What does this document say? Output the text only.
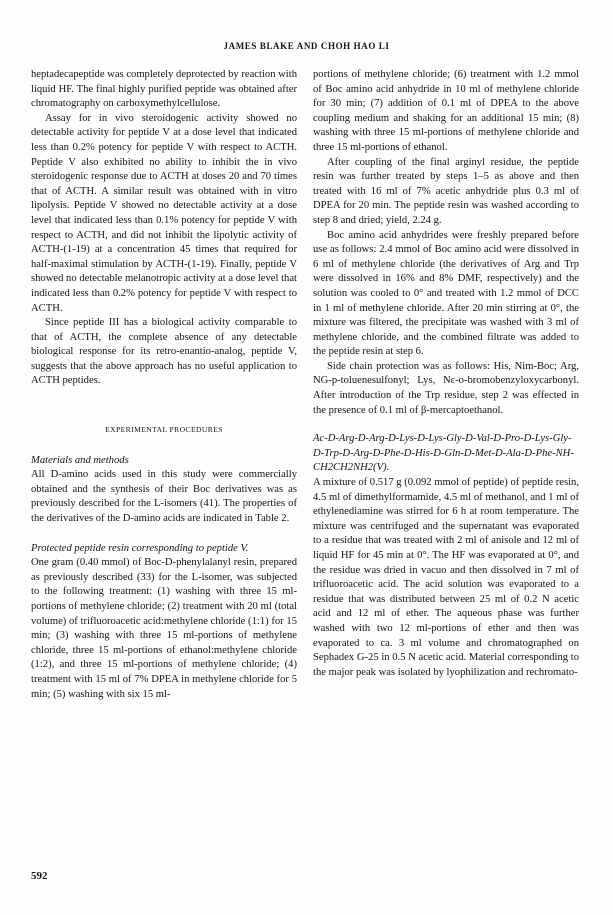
JAMES BLAKE AND CHOH HAO LI

heptadecapeptide was completely deprotected by reaction with liquid HF. The final highly purified peptide was obtained after chromatography on carboxymethylcellulose.

Assay for in vivo steroidogenic activity showed no detectable activity for peptide V at a dose level that indicated less than 0.2% potency for peptide V with respect to ACTH. Peptide V also exhibited no ability to inhibit the in vivo steroidogenic response due to ACTH at doses 20 and 70 times that of ACTH. A similar result was obtained with in vitro lipolysis. Peptide V showed no detectable activity at a dose level that indicated less than 0.1% potency for peptide V with respect to ACTH, and did not inhibit the lipolytic activity of ACTH-(1-19) at a concentration 45 times that required for half-maximal stimulation by ACTH-(1-19). Finally, peptide V showed no detectable melanotropic activity at a dose level that indicated less than 0.2% potency for peptide V with respect to ACTH.

Since peptide III has a biological activity comparable to that of ACTH, the complete absence of any detectable biological response for its retro-enantio-analog, peptide V, suggests that the above approach has no useful application to ACTH peptides.

EXPERIMENTAL PROCEDURES

Materials and methods

All D-amino acids used in this study were commercially obtained and the synthesis of their Boc derivatives was as previously described for the L-isomers (41). The properties of the derivatives of the D-amino acids are indicated in Table 2.

Protected peptide resin corresponding to peptide V.

One gram (0.40 mmol) of Boc-D-phenylalanyl resin, prepared as previously described (33) for the L-isomer, was subjected to the following treatment: (1) washing with three 15 ml-portions of methylene chloride; (2) treatment with 20 ml (total volume) of trifluoroacetic acid:methylene chloride (1:1) for 15 min; (3) washing with three 15 ml-portions of methylene chloride, three 15 ml-portions of ethanol:methylene chloride (1:2), and three 15 ml-portions of methylene chloride; (4) treatment with 15 ml of 7% DPEA in methylene chloride for 5 min; (5) washing with six 15 ml-

portions of methylene chloride; (6) treatment with 1.2 mmol of Boc amino acid anhydride in 10 ml of methylene chloride for 30 min; (7) addition of 0.1 ml of DPEA to the above coupling medium and shaking for an additional 15 min; (8) washing with three 15 ml-portions of methylene chloride and three 15 ml-portions of ethanol.

After coupling of the final arginyl residue, the peptide resin was further treated by steps 1–5 as above and then treated with 16 ml of 7% acetic anhydride plus 0.3 ml of DPEA for 20 min. The peptide resin was washed according to step 8 and dried; yield, 2.24 g.

Boc amino acid anhydrides were freshly prepared before use as follows: 2.4 mmol of Boc amino acid were dissolved in 6 ml of methylene chloride (the derivatives of Arg and Trp were dissolved in 16% and 8% DMF, respectively) and the solution was cooled to 0° and treated with 1.2 mmol of DCC in 1 ml of methylene chloride. After 20 min stirring at 0°, the mixture was filtered, the precipitate was washed with 3 ml of methylene chloride, and the combined filtrate was added to the peptide resin at step 6.

Side chain protection was as follows: His, Nim-Boc; Arg, NG-p-toluenesulfonyl; Lys, Nε-o-bromobenzyloxycarbonyl. After introduction of the Trp residue, step 2 was effected in the presence of 0.1 ml of β-mercaptoethanol.

Ac-D-Arg-D-Arg-D-Lys-D-Lys-Gly-D-Val-D-Pro-D-Lys-Gly-D-Trp-D-Arg-D-Phe-D-His-D-Gln-D-Met-D-Ala-D-Phe-NH-CH2CH2NH2(V).

A mixture of 0.517 g (0.092 mmol of peptide) of peptide resin, 4.5 ml of dimethylformamide, 4.5 ml of methanol, and 1 ml of ethylenediamine was stirred for 6 h at room temperature. The mixture was centrifuged and the supernatant was evaporated to a residue that was treated with 2 ml of anisole and 12 ml of liquid HF for 45 min at 0°. The HF was evaporated at 0°, and the residue was dried in vacuo and then dissolved in 7 ml of trifluoroacetic acid. The acid solution was evaporated to a residue that was distributed between 25 ml of 0.2 N acetic acid and 12 ml of ether. The aqueous phase was further washed with two 12 ml-portions of ether and then was evaporated to ca. 3 ml volume and chromatographed on Sephadex G-25 in 0.5 N acetic acid. Material corresponding to the major peak was isolated by lyophilization and rechromato-

592
